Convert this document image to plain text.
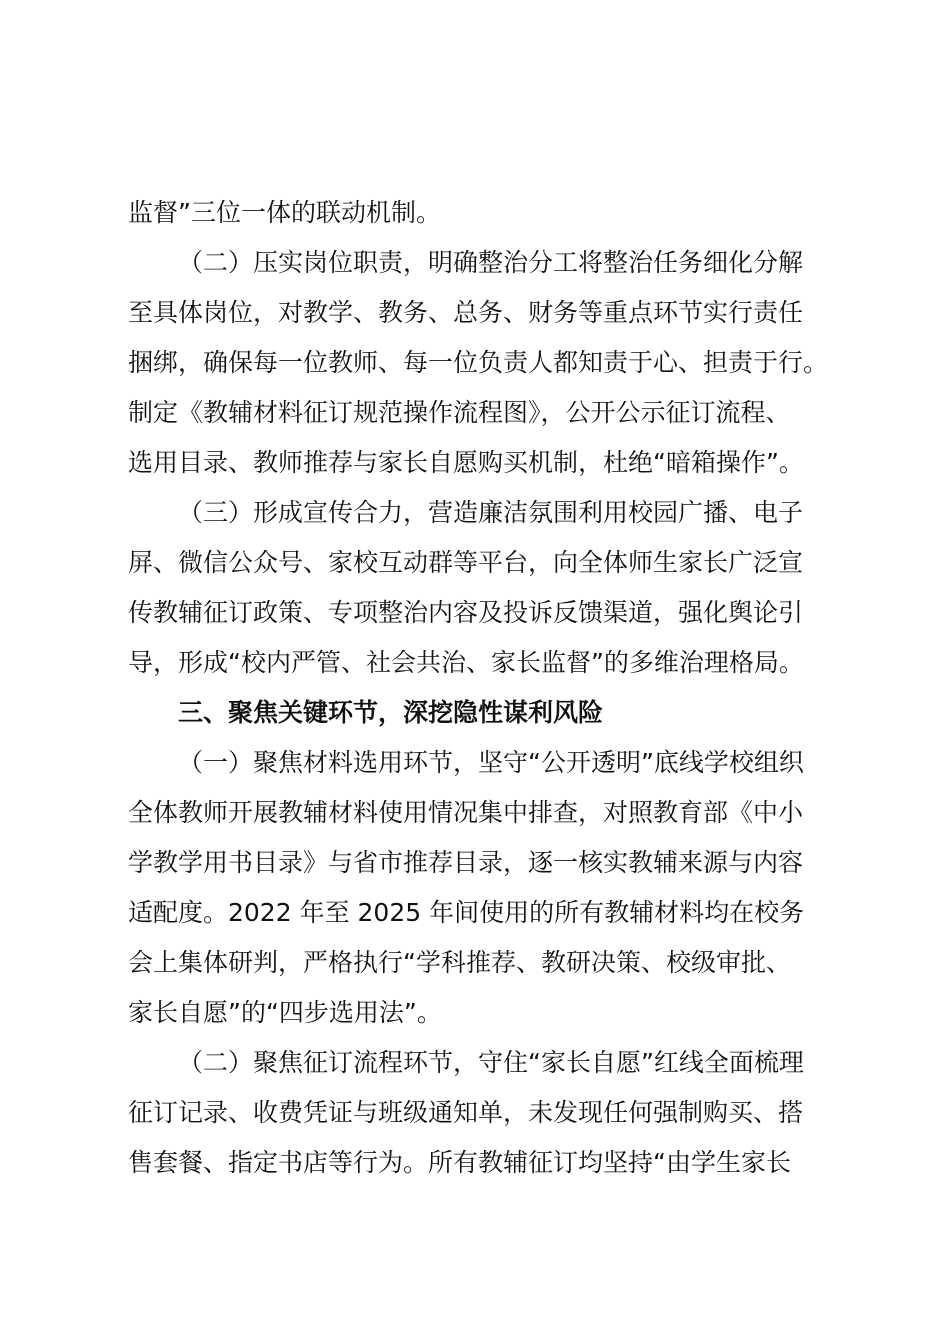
监督”三位一体的联动机制。
（二）压实岗位职责，明确整治分工将整治任务细化分解
至具体岗位，对教学、教务、总务、财务等重点环节实行责任
捆绑，确保每一位教师、每一位负责人都知责于心、担责于行。
制定《教辅材料征订规范操作流程图》，公开公示征订流程、
选用目录、教师推荐与家长自愿购买机制，杜绝“暗箱操作”。
（三）形成宣传合力，营造廉洁氛围利用校园广播、电子
屏、微信公众号、家校互动群等平台，向全体师生家长广泛宣
传教辅征订政策、专项整治内容及投诉反馈渠道，强化舆论引
导，形成“校内严管、社会共治、家长监督”的多维治理格局。
三、聚焦关键环节，深挖隐性谋利风险
（一）聚焦材料选用环节，坚守“公开透明”底线学校组织
全体教师开展教辅材料使用情况集中排查，对照教育部《中小
学教学用书目录》与省市推荐目录，逐一核实教辅来源与内容
适配度。2022 年至 2025 年间使用的所有教辅材料均在校务
会上集体研判，严格执行“学科推荐、教研决策、校级审批、
家长自愿”的“四步选用法”。
（二）聚焦征订流程环节，守住“家长自愿”红线全面梳理
征订记录、收费凭证与班级通知单，未发现任何强制购买、搭
售套餐、指定书店等行为。所有教辅征订均坚持“由学生家长
